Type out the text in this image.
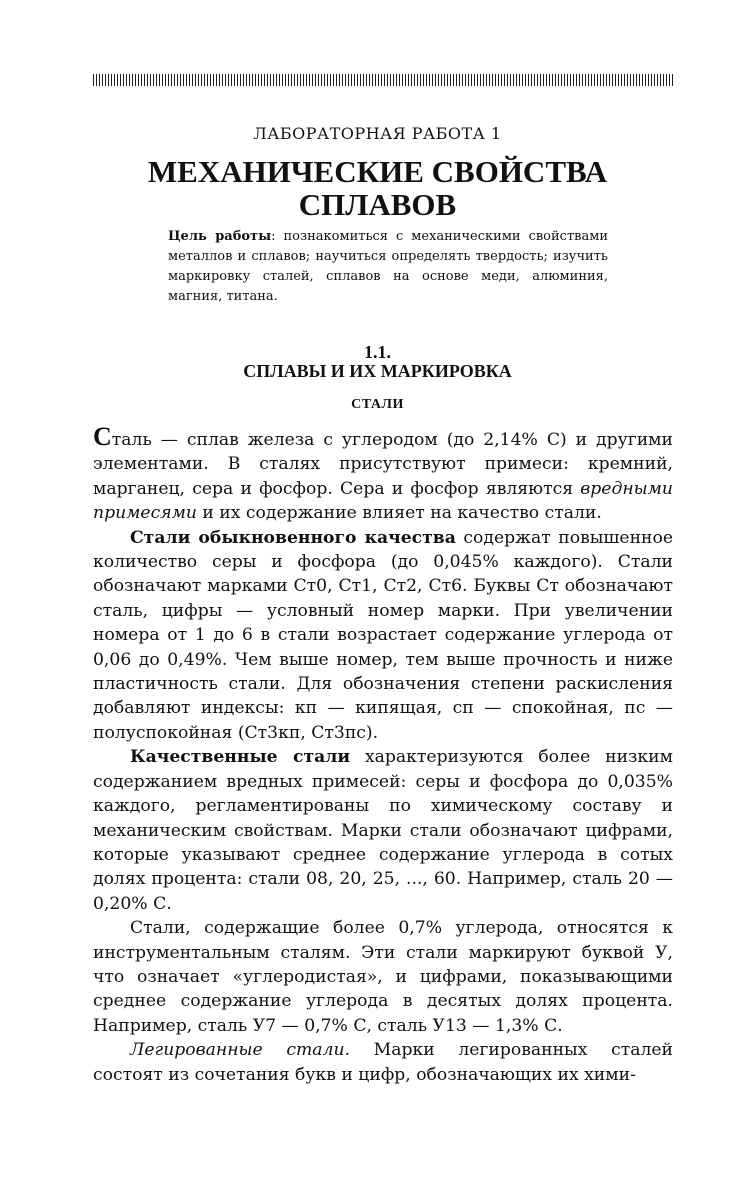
ЛАБОРАТОРНАЯ РАБОТА 1
МЕХАНИЧЕСКИЕ СВОЙСТВА
СПЛАВОВ
Цель работы: познакомиться с механическими свойствами металлов и сплавов; научиться определять твердость; изучить маркировку сталей, сплавов на основе меди, алюминия, магния, титана.
1.1.
СПЛАВЫ И ИХ МАРКИРОВКА
СТАЛИ

Сталь — сплав железа с углеродом (до 2,14% С) и другими элементами. В сталях присутствуют примеси: кремний, марганец, сера и фосфор. Сера и фосфор являются вредными примесями и их содержание влияет на качество стали.

Стали обыкновенного качества содержат повышенное количество серы и фосфора (до 0,045% каждого). Стали обозначают марками Ст0, Ст1, Ст2, Ст6. Буквы Ст обозначают сталь, цифры — условный номер марки. При увеличении номера от 1 до 6 в стали возрастает содержание углерода от 0,06 до 0,49%. Чем выше номер, тем выше прочность и ниже пластичность стали. Для обозначения степени раскисления добавляют индексы: кп — кипящая, сп — спокойная, пс — полуспокойная (Ст3кп, Ст3пс).

Качественные стали характеризуются более низким содержанием вредных примесей: серы и фосфора до 0,035% каждого, регламентированы по химическому составу и механическим свойствам. Марки стали обозначают цифрами, которые указывают среднее содержание углерода в сотых долях процента: стали 08, 20, 25, ..., 60. Например, сталь 20 — 0,20% С.

Стали, содержащие более 0,7% углерода, относятся к инструментальным сталям. Эти стали маркируют буквой У, что означает «углеродистая», и цифрами, показывающими среднее содержание углерода в десятых долях процента. Например, сталь У7 — 0,7% С, сталь У13 — 1,3% С.

Легированные стали. Марки легированных сталей состоят из сочетания букв и цифр, обозначающих их хими-
